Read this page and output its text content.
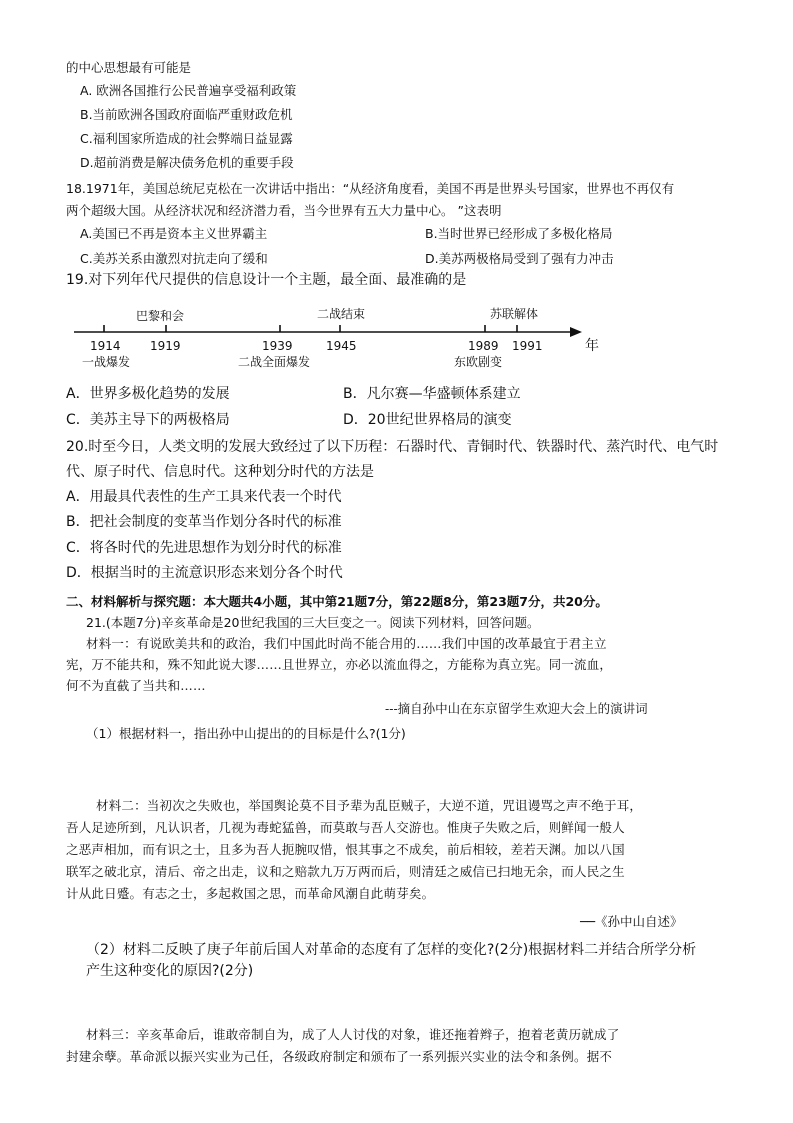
的中心思想最有可能是
A. 欧洲各国推行公民普遍享受福利政策
B.当前欧洲各国政府面临严重财政危机
C.福利国家所造成的社会弊端日益显露
D.超前消费是解决债务危机的重要手段
18.1971年，美国总统尼克松在一次讲话中指出：“从经济角度看，美国不再是世界头号国家，世界也不再仅有
两个超级大国。从经济状况和经济潜力看，当今世界有五大力量中心。 ”这表明
A.美国已不再是资本主义世界霸主	B.当时世界已经形成了多极化格局
C.美苏关系由激烈对抗走向了缓和	D.美苏两极格局受到了强有力冲击
19.对下列年代尺提供的信息设计一个主题，最全面、最准确的是
1914
一战爆发
1919
巴黎和会
1939
二战全面爆发
1945
二战结束
1989
东欧剧变
1991
苏联解体
年
A．世界多极化趋势的发展	B．凡尔赛—华盛顿体系建立
C．美苏主导下的两极格局	D．20世纪世界格局的演变
20.时至今日，人类文明的发展大致经过了以下历程：石器时代、青铜时代、铁器时代、蒸汽时代、电气时
代、原子时代、信息时代。这种划分时代的方法是
A．用最具代表性的生产工具来代表一个时代
B．把社会制度的变革当作划分各时代的标准
C．将各时代的先进思想作为划分时代的标准
D．根据当时的主流意识形态来划分各个时代
二、材料解析与探究题：本大题共4小题，其中第21题7分，第22题8分，第23题7分，共20分。
21.(本题7分)辛亥革命是20世纪我国的三大巨变之一。阅读下列材料，回答问题。
材料一：有说欧美共和的政治，我们中国此时尚不能合用的……我们中国的改革最宜于君主立
宪，万不能共和，殊不知此说大谬……且世界立，亦必以流血得之，方能称为真立宪。同一流血，
何不为直截了当共和……
---摘自孙中山在东京留学生欢迎大会上的演讲词
（1）根据材料一，指出孙中山提出的的目标是什么?(1分)
材料二：当初次之失败也，举国舆论莫不目予辈为乱臣贼子，大逆不道，咒诅谩骂之声不绝于耳，
吾人足迹所到，凡认识者，几视为毒蛇猛兽，而莫敢与吾人交游也。惟庚子失败之后，则鲜闻一般人
之恶声相加，而有识之士，且多为吾人扼腕叹惜，恨其事之不成矣，前后相较，差若天渊。加以八国
联军之破北京，清后、帝之出走，议和之赔款九万万两而后，则清廷之威信已扫地无余，而人民之生
计从此日蹙。有志之士，多起救国之思，而革命风潮自此萌芽矣。
──《孙中山自述》
（2）材料二反映了庚子年前后国人对革命的态度有了怎样的变化?(2分)根据材料二并结合所学分析
产生这种变化的原因?(2分)
材料三：辛亥革命后，谁敢帝制自为，成了人人讨伐的对象，谁还拖着辫子，抱着老黄历就成了
封建余孽。革命派以振兴实业为己任，各级政府制定和颁布了一系列振兴实业的法令和条例。据不
